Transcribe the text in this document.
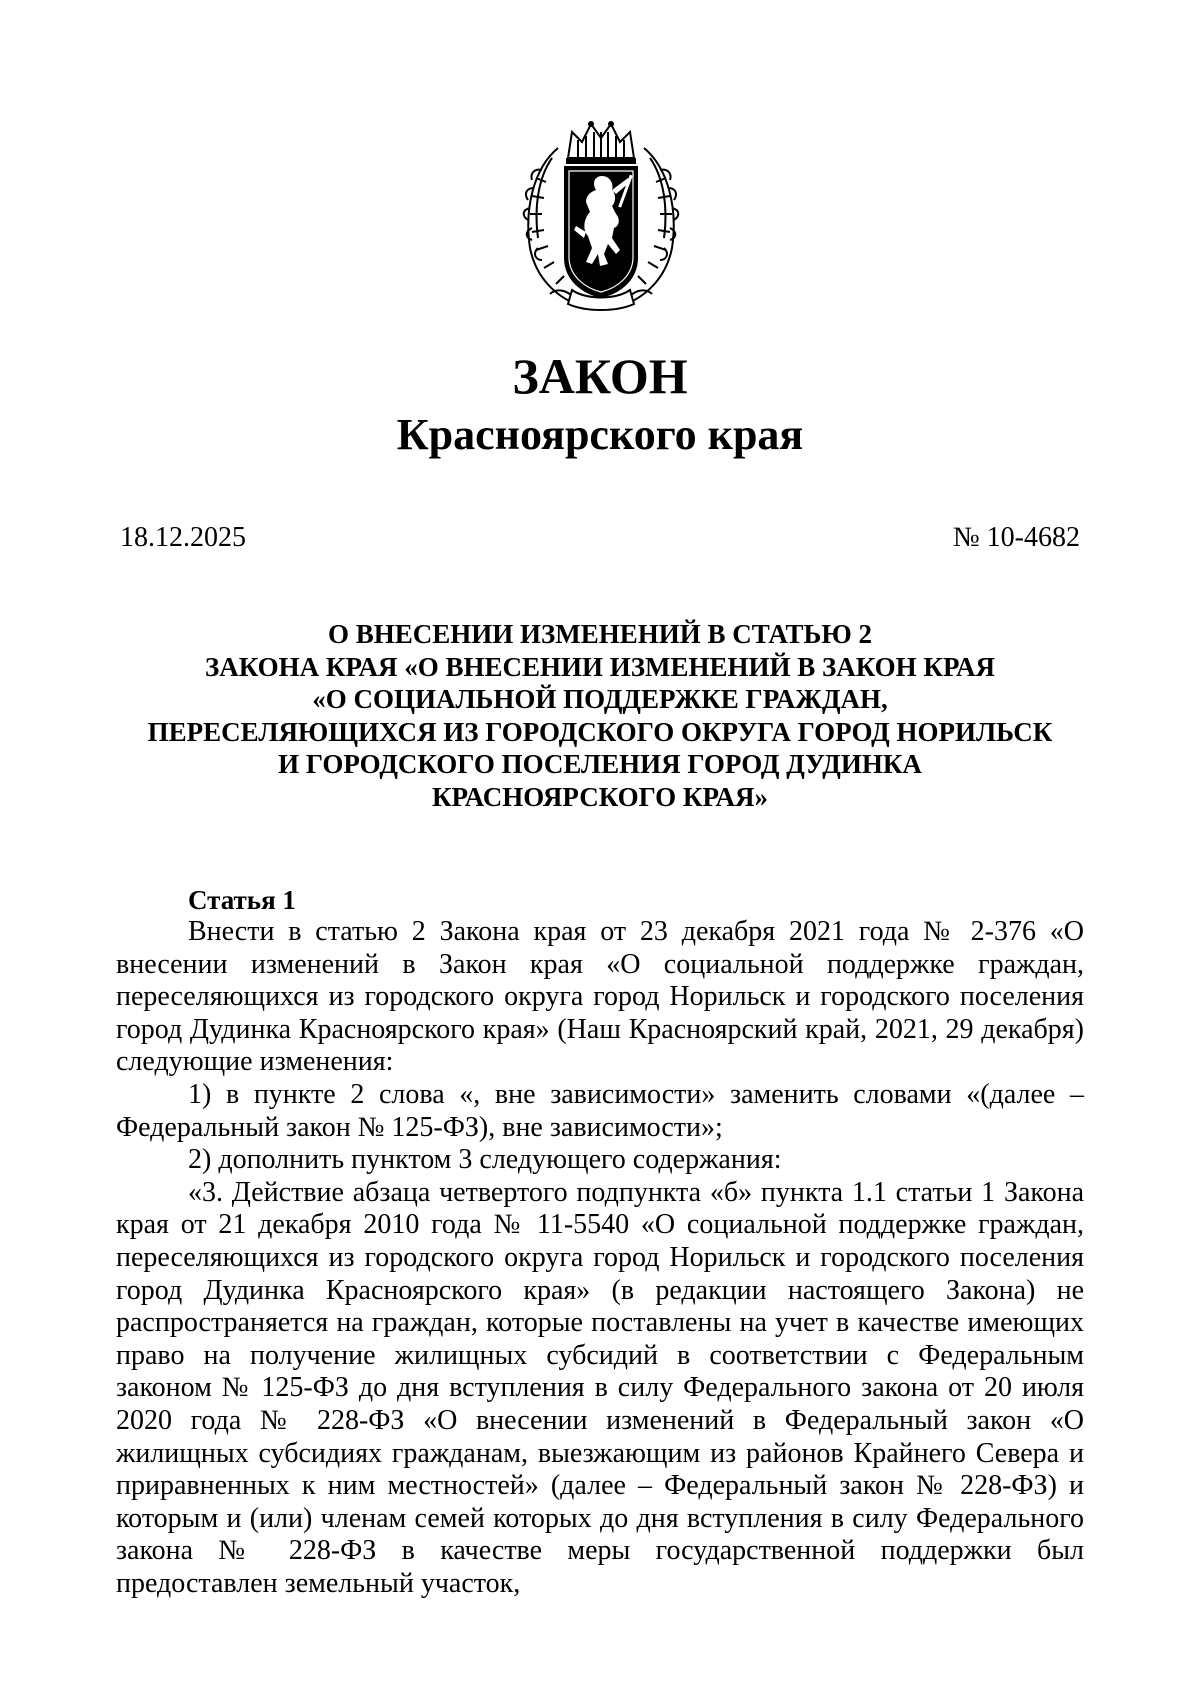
ЗАКОН
Красноярского края
18.12.2025	№ 10-4682
О ВНЕСЕНИИ ИЗМЕНЕНИЙ В СТАТЬЮ 2
ЗАКОНА КРАЯ «О ВНЕСЕНИИ ИЗМЕНЕНИЙ В ЗАКОН КРАЯ
«О СОЦИАЛЬНОЙ ПОДДЕРЖКЕ ГРАЖДАН,
ПЕРЕСЕЛЯЮЩИХСЯ ИЗ ГОРОДСКОГО ОКРУГА ГОРОД НОРИЛЬСК
И ГОРОДСКОГО ПОСЕЛЕНИЯ ГОРОД ДУДИНКА
КРАСНОЯРСКОГО КРАЯ»
Статья 1

Внести в статью 2 Закона края от 23 декабря 2021 года № 2-376 «О внесении изменений в Закон края «О социальной поддержке граждан, переселяющихся из городского округа город Норильск и городского поселения город Дудинка Красноярского края» (Наш Красноярский край, 2021, 29 декабря) следующие изменения:

1) в пункте 2 слова «, вне зависимости» заменить словами «(далее – Федеральный закон № 125-ФЗ), вне зависимости»;

2) дополнить пунктом 3 следующего содержания:

«3. Действие абзаца четвертого подпункта «б» пункта 1.1 статьи 1 Закона края от 21 декабря 2010 года № 11-5540 «О социальной поддержке граждан, переселяющихся из городского округа город Норильск и городского поселения город Дудинка Красноярского края» (в редакции настоящего Закона) не распространяется на граждан, которые поставлены на учет в качестве имеющих право на получение жилищных субсидий в соответствии с Федеральным законом № 125-ФЗ до дня вступления в силу Федерального закона от 20 июля 2020 года № 228-ФЗ «О внесении изменений в Федеральный закон «О жилищных субсидиях гражданам, выезжающим из районов Крайнего Севера и приравненных к ним местностей» (далее – Федеральный закон № 228-ФЗ) и которым и (или) членам семей которых до дня вступления в силу Федерального закона № 228-ФЗ в качестве меры государственной поддержки был предоставлен земельный участок,
